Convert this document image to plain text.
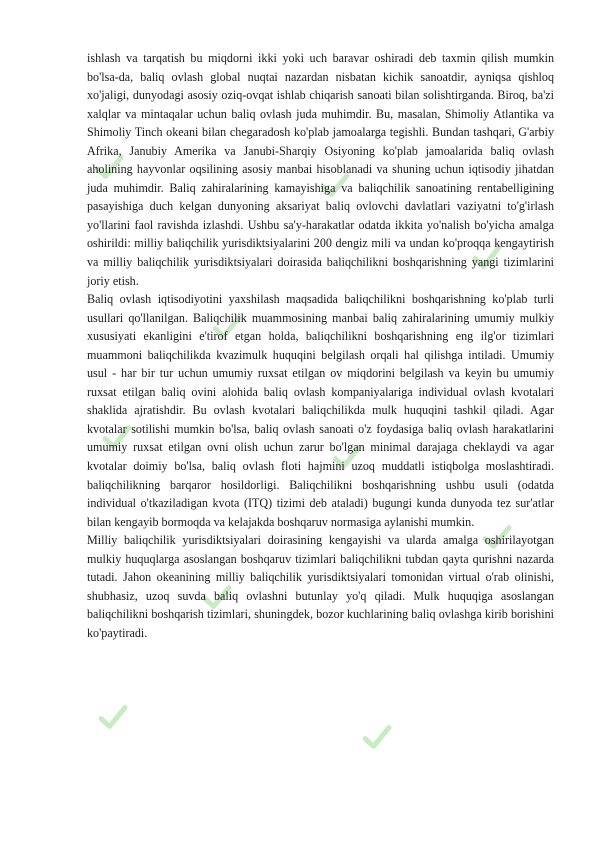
ishlash va tarqatish bu miqdorni ikki yoki uch baravar oshiradi deb taxmin qilish mumkin bo'lsa-da, baliq ovlash global nuqtai nazardan nisbatan kichik sanoatdir, ayniqsa qishloq xo'jaligi, dunyodagi asosiy oziq-ovqat ishlab chiqarish sanoati bilan solishtirganda. Biroq, ba'zi xalqlar va mintaqalar uchun baliq ovlash juda muhimdir. Bu, masalan, Shimoliy Atlantika va Shimoliy Tinch okeani bilan chegaradosh ko'plab jamoalarga tegishli. Bundan tashqari, G'arbiy Afrika, Janubiy Amerika va Janubi-Sharqiy Osiyoning ko'plab jamoalarida baliq ovlash aholining hayvonlar oqsilining asosiy manbai hisoblanadi va shuning uchun iqtisodiy jihatdan juda muhimdir. Baliq zahiralarining kamayishiga va baliqchilik sanoatining rentabelligining pasayishiga duch kelgan dunyoning aksariyat baliq ovlovchi davlatlari vaziyatni to'g'irlash yo'llarini faol ravishda izlashdi. Ushbu sa'y-harakatlar odatda ikkita yo'nalish bo'yicha amalga oshirildi: milliy baliqchilik yurisdiktsiyalarini 200 dengiz mili va undan ko'proqqa kengaytirish va milliy baliqchilik yurisdiktsiyalari doirasida baliqchilikni boshqarishning yangi tizimlarini joriy etish.

Baliq ovlash iqtisodiyotini yaxshilash maqsadida baliqchilikni boshqarishning ko'plab turli usullari qo'llanilgan. Baliqchilik muammosining manbai baliq zahiralarining umumiy mulkiy xususiyati ekanligini e'tirof etgan holda, baliqchilikni boshqarishning eng ilg'or tizimlari muammoni baliqchilikda kvazimulk huquqini belgilash orqali hal qilishga intiladi. Umumiy usul - har bir tur uchun umumiy ruxsat etilgan ov miqdorini belgilash va keyin bu umumiy ruxsat etilgan baliq ovini alohida baliq ovlash kompaniyalariga individual ovlash kvotalari shaklida ajratishdir. Bu ovlash kvotalari baliqchilikda mulk huquqini tashkil qiladi. Agar kvotalar sotilishi mumkin bo'lsa, baliq ovlash sanoati o'z foydasiga baliq ovlash harakatlarini umumiy ruxsat etilgan ovni olish uchun zarur bo'lgan minimal darajaga cheklaydi va agar kvotalar doimiy bo'lsa, baliq ovlash floti hajmini uzoq muddatli istiqbolga moslashtiradi. baliqchilikning barqaror hosildorligi. Baliqchilikni boshqarishning ushbu usuli (odatda individual o'tkaziladigan kvota (ITQ) tizimi deb ataladi) bugungi kunda dunyoda tez sur'atlar bilan kengayib bormoqda va kelajakda boshqaruv normasiga aylanishi mumkin.

Milliy baliqchilik yurisdiktsiyalari doirasining kengayishi va ularda amalga oshirilayotgan mulkiy huquqlarga asoslangan boshqaruv tizimlari baliqchilikni tubdan qayta qurishni nazarda tutadi. Jahon okeanining milliy baliqchilik yurisdiktsiyalari tomonidan virtual o'rab olinishi, shubhasiz, uzoq suvda baliq ovlashni butunlay yo'q qiladi. Mulk huquqiga asoslangan baliqchilikni boshqarish tizimlari, shuningdek, bozor kuchlarining baliq ovlashga kirib borishini ko'paytiradi.
